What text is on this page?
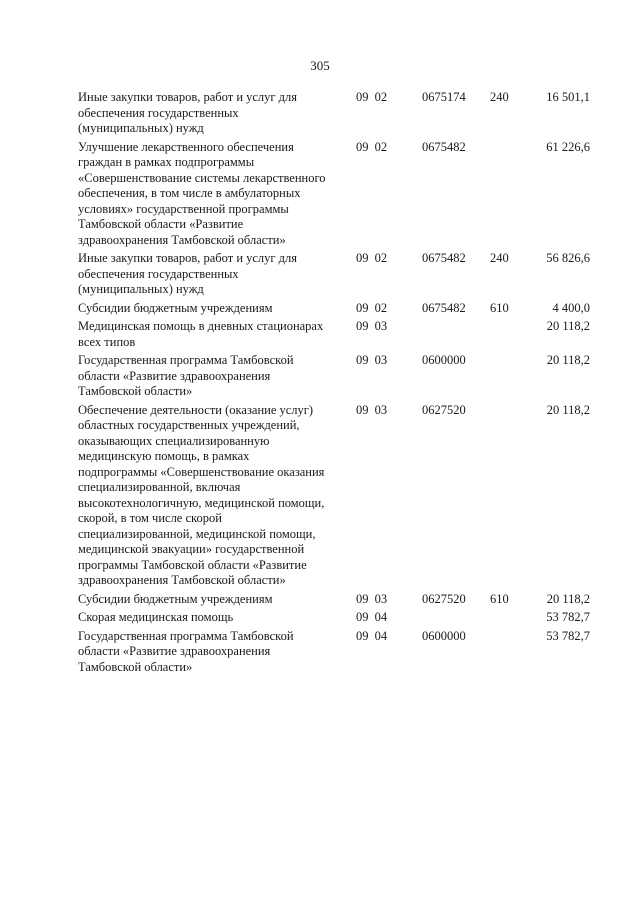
305
Иные закупки товаров, работ и услуг для обеспечения государственных (муниципальных) нужд	09 02	0675174	240	16 501,1
Улучшение лекарственного обеспечения граждан в рамках подпрограммы «Совершенствование системы лекарственного обеспечения, в том числе в амбулаторных условиях» государственной программы Тамбовской области «Развитие здравоохранения Тамбовской области»	09 02	0675482		61 226,6
Иные закупки товаров, работ и услуг для обеспечения государственных (муниципальных) нужд	09 02	0675482	240	56 826,6
Субсидии бюджетным учреждениям	09 02	0675482	610	4 400,0
Медицинская помощь в дневных стационарах всех типов	09 03			20 118,2
Государственная программа Тамбовской области «Развитие здравоохранения Тамбовской области»	09 03	0600000		20 118,2
Обеспечение деятельности (оказание услуг) областных государственных учреждений, оказывающих специализированную медицинскую помощь, в рамках подпрограммы «Совершенствование оказания специализированной, включая высокотехнологичную, медицинской помощи, скорой, в том числе скорой специализированной, медицинской помощи, медицинской эвакуации» государственной программы Тамбовской области «Развитие здравоохранения Тамбовской области»	09 03	0627520		20 118,2
Субсидии бюджетным учреждениям	09 03	0627520	610	20 118,2
Скорая медицинская помощь	09 04			53 782,7
Государственная программа Тамбовской области «Развитие здравоохранения Тамбовской области»	09 04	0600000		53 782,7
